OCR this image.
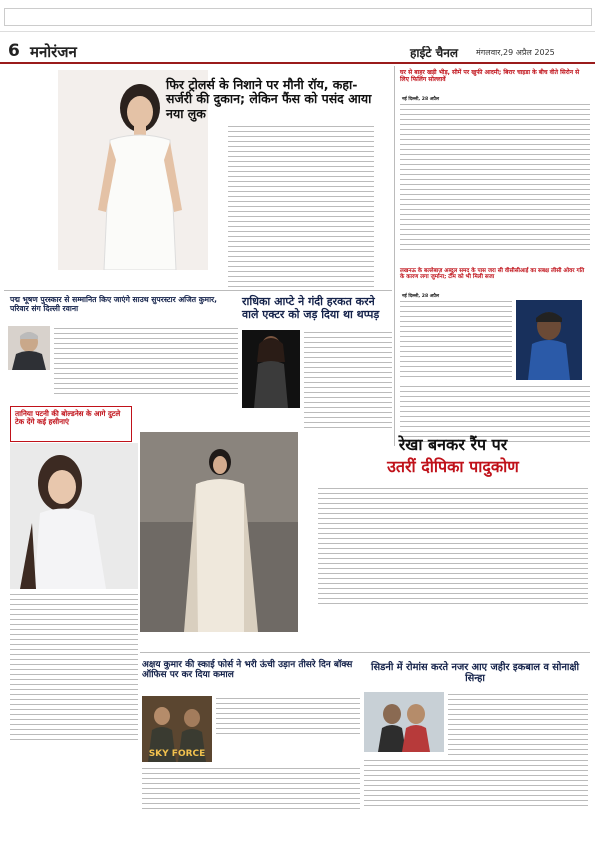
6 मनोरंजन	हाईटे चैनल मंगलवार,29 अप्रैल 2025
फिर ट्रोलर्स के निशाने पर मौनी रॉय, कहा- सर्जरी की दुकान; लेकिन फैंस को पसंद आया नया लुक
घर से बाहर खड़ी भीड़, सीमें पर खुफी आदमी; बिरार चाइडा के बीच वीते सिरोन से लिए फिलिंग सोल्लावें
नई दिल्ली, 28 अप्रैल
लखनऊ के बल्लेबाज़ अब्दुल समद के पास जरा सी वीसीसीआई का सबक्ष लीसी ओवर गति के कारण लगा जुर्माना; टीम को भी मिली सजा
नई दिल्ली, 28 अप्रैल
पद्म भूषण पुरस्कार से सम्मानित किए जाएंगे साउथ सुपरस्टार अजित कुमार, परिवार संग दिल्ली रवाना
राधिका आप्टे ने गंदी हरकत करने वाले एक्टर को जड़ दिया था थप्पड़
तानिया पटनी की बोल्डनेस के आगे दुटले टेक देंगे कई हसीनाएं
रेखा बनकर रैंप पर
उतरीं दीपिका पादुकोण
अक्षय कुमार की स्काई फोर्स ने भरी ऊंची उड़ान तीसरे दिन बॉक्स ऑफिस पर कर दिया कमाल
SKY FORCE
सिडनी में रोमांस करते नजर आए जहीर इकबाल व सोनाक्षी सिन्हा
